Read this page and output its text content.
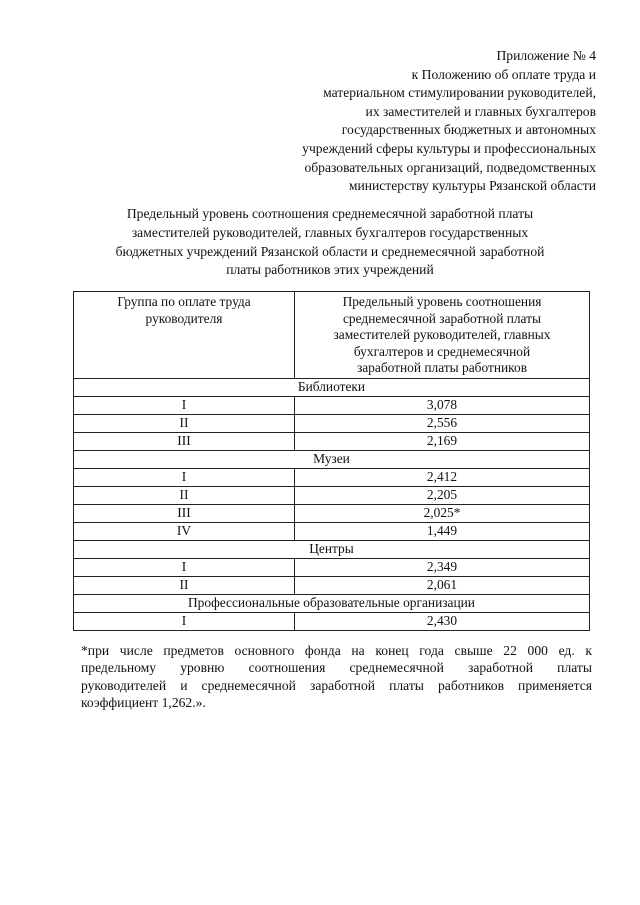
Приложение № 4
к Положению об оплате труда и
материальном стимулировании руководителей,
их заместителей и главных бухгалтеров
государственных бюджетных и автономных
учреждений сферы культуры и профессиональных
образовательных организаций, подведомственных
министерству культуры Рязанской области
Предельный уровень соотношения среднемесячной заработной платы
заместителей руководителей, главных бухгалтеров государственных
бюджетных учреждений Рязанской области и среднемесячной заработной
платы работников этих учреждений
Группа по оплате труда
руководителя	Предельный уровень соотношения
среднемесячной заработной платы
заместителей руководителей, главных
бухгалтеров и среднемесячной
заработной платы работников

Библиотеки	
I	3,078
II	2,556
III	2,169
Музеи	
I	2,412
II	2,205
III	2,025*
IV	1,449
Центры	
I	2,349
II	2,061
Профессиональные образовательные организации	
I	2,430
*при числе предметов основного фонда на конец года свыше 22 000 ед. к
предельному уровню соотношения среднемесячной заработной платы
руководителей и среднемесячной заработной платы работников применяется
коэффициент 1,262.».
